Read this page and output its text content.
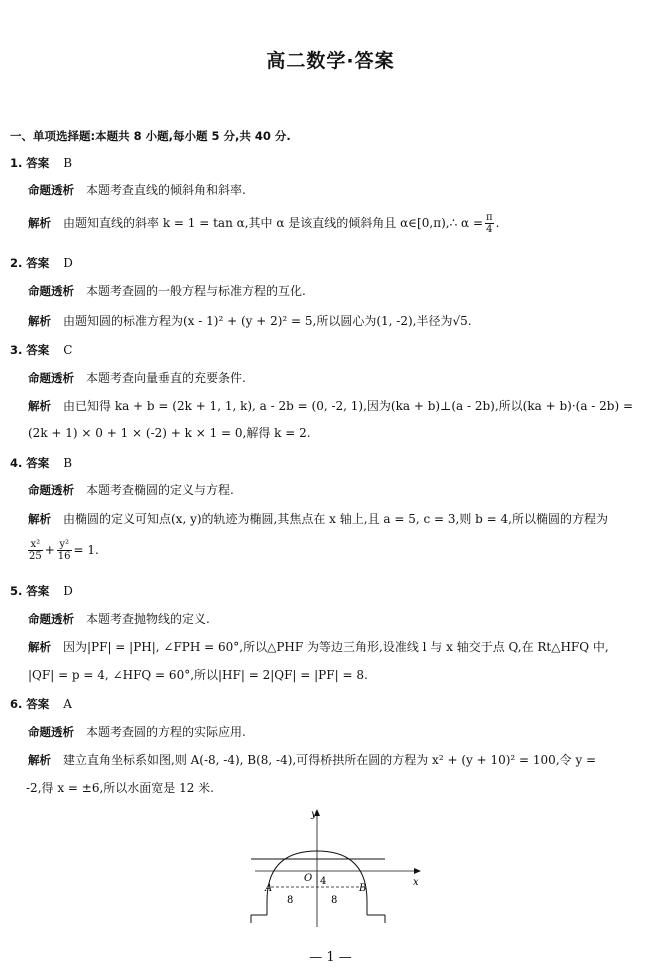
高二数学·答案
一、单项选择题:本题共 8 小题,每小题 5 分,共 40 分.
1. 答案 B
命题透析 本题考查直线的倾斜角和斜率.
解析 由题知直线的斜率 k = 1 = tan α,其中 α 是该直线的倾斜角且 α∈[0,π),∴ $\alpha = \frac{\pi}{4}$ .
2. 答案 D
命题透析 本题考查圆的一般方程与标准方程的互化.
解析 由题知圆的标准方程为(x - 1)² + (y + 2)² = 5,所以圆心为(1, -2),半径为√5.
3. 答案 C
命题透析 本题考查向量垂直的充要条件.
解析 由已知得 ka + b = (2k + 1, 1, k), a - 2b = (0, -2, 1),因为(ka + b)⊥(a - 2b),所以(ka + b)·(a - 2b) =
(2k + 1) × 0 + 1 × (-2) + k × 1 = 0,解得 k = 2.
4. 答案 B
命题透析 本题考查椭圆的定义与方程.
解析 由椭圆的定义可知点(x, y)的轨迹为椭圆,其焦点在 x 轴上,且 a = 5, c = 3,则 b = 4,所以椭圆的方程为
$\frac{\text{x²}}{25} + \frac{\text{y²}}{16} = 1$.
5. 答案 D
命题透析 本题考查抛物线的定义.
解析 因为|PF| = |PH|, ∠FPH = 60°,所以△PHF 为等边三角形,设准线 l 与 x 轴交于点 Q,在 Rt△HFQ 中,
|QF| = p = 4, ∠HFQ = 60°,所以|HF| = 2|QF| = |PF| = 8.
6. 答案 A
命题透析 本题考查圆的方程的实际应用.
解析 建立直角坐标系如图,则 A(-8, -4), B(8, -4),可得桥拱所在圆的方程为 x² + (y + 10)² = 100,令 y =
-2,得 x = ±6,所以水面宽是 12 米.
y
x
O 4
A	B
8	8
— 1 —
